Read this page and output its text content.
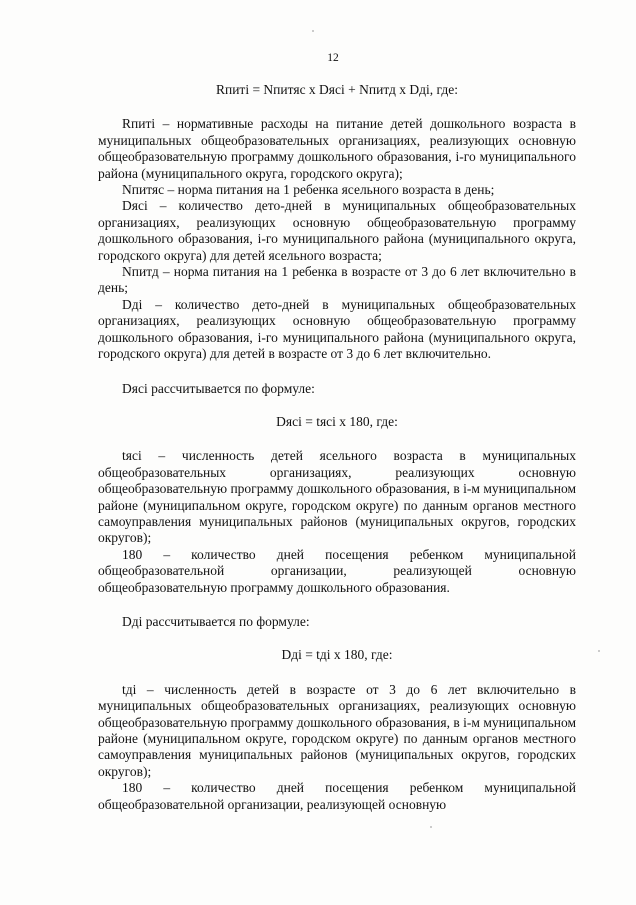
12

Rпитi = Nпитяс x Dясi + Nпитд x Dдi, где:

Rпитi – нормативные расходы на питание детей дошкольного возраста в муниципальных общеобразовательных организациях, реализующих основную общеобразовательную программу дошкольного образования, i-го муниципального района (муниципального округа, городского округа);

Nпитяс – норма питания на 1 ребенка ясельного возраста в день;

Dясi – количество дето-дней в муниципальных общеобразовательных организациях, реализующих основную общеобразовательную программу дошкольного образования, i-го муниципального района (муниципального округа, городского округа) для детей ясельного возраста;

Nпитд – норма питания на 1 ребенка в возрасте от 3 до 6 лет включительно в день;

Dдi – количество дето-дней в муниципальных общеобразовательных организациях, реализующих основную общеобразовательную программу дошкольного образования, i-го муниципального района (муниципального округа, городского округа) для детей в возрасте от 3 до 6 лет включительно.

Dясi рассчитывается по формуле:

Dясi = tясi x 180, где:

tясi – численность детей ясельного возраста в муниципальных общеобразовательных организациях, реализующих основную общеобразовательную программу дошкольного образования, в i-м муниципальном районе (муниципальном округе, городском округе) по данным органов местного самоуправления муниципальных районов (муниципальных округов, городских округов);

180 – количество дней посещения ребенком муниципальной общеобразовательной организации, реализующей основную общеобразовательную программу дошкольного образования.

Dдi рассчитывается по формуле:

Dдi = tдi x 180, где:

tдi – численность детей в возрасте от 3 до 6 лет включительно в муниципальных общеобразовательных организациях, реализующих основную общеобразовательную программу дошкольного образования, в i-м муниципальном районе (муниципальном округе, городском округе) по данным органов местного самоуправления муниципальных районов (муниципальных округов, городских округов);

180 – количество дней посещения ребенком муниципальной общеобразовательной организации, реализующей основную
